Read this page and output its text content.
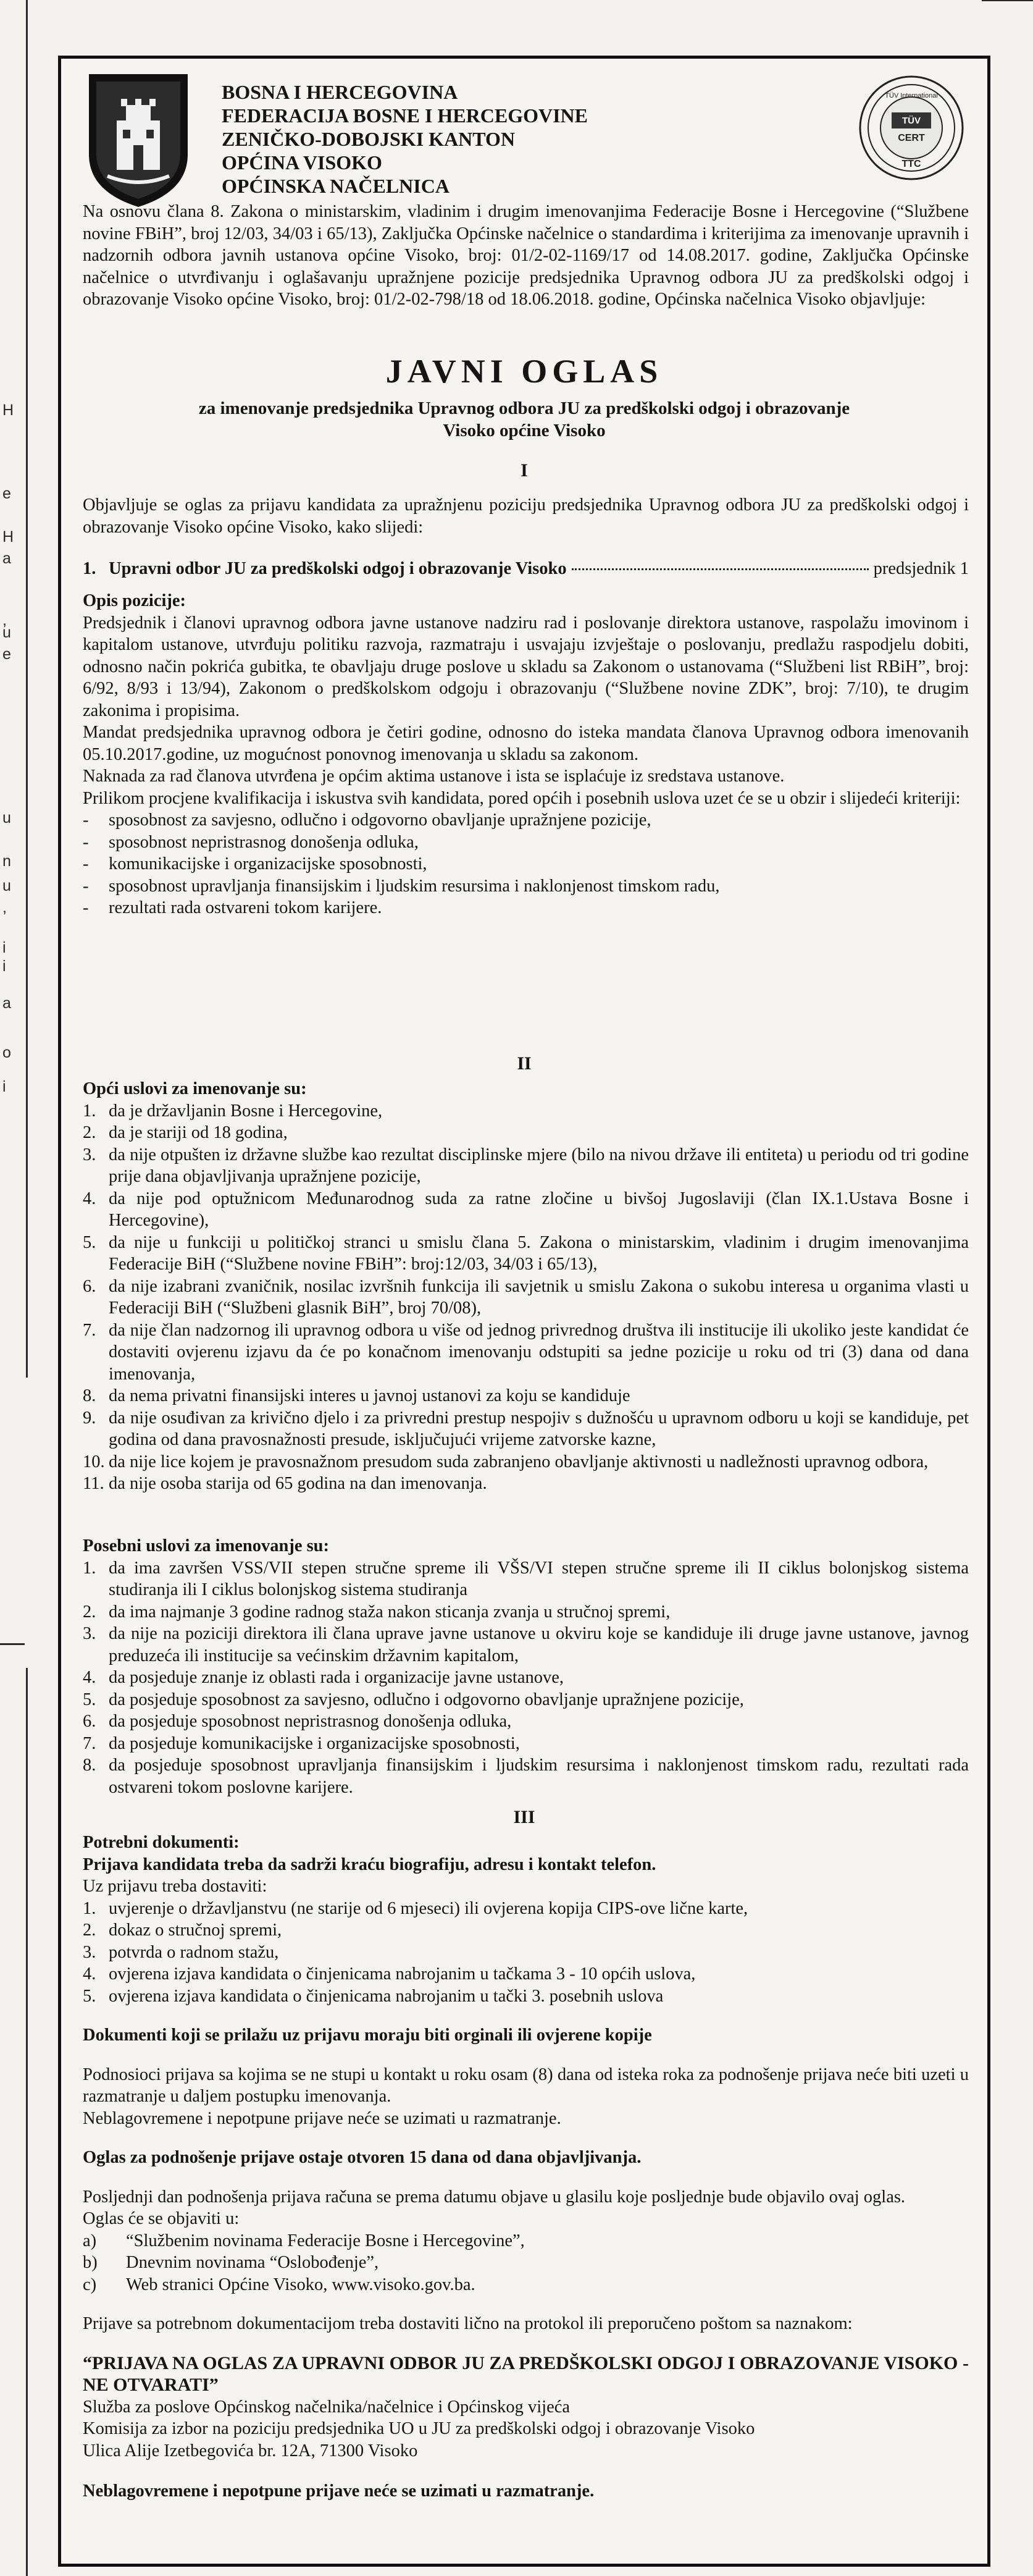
H
e
H
a
,
u
e
u
n
u
,
i
i
a
o
i
BOSNA I HERCEGOVINA
FEDERACIJA BOSNE I HERCEGOVINE
ZENIČKO-DOBOJSKI KANTON
OPĆINA VISOKO
OPĆINSKA NAČELNICA
TÜV International
TÜV
CERT
TTC
Na osnovu člana 8. Zakona o ministarskim, vladinim i drugim imenovanjima Federacije Bosne i Hercegovine (“Službene novine FBiH”, broj 12/03, 34/03 i 65/13), Zaključka Općinske načelnice o standardima i kriterijima za imenovanje upravnih i nadzornih odbora javnih ustanova općine Visoko, broj: 01/2-02-1169/17 od 14.08.2017. godine, Zaključka Općinske načelnice o utvrđivanju i oglašavanju upražnjene pozicije predsjednika Upravnog odbora JU za predškolski odgoj i obrazovanje Visoko općine Visoko, broj: 01/2-02-798/18 od 18.06.2018. godine, Općinska načelnica Visoko objavljuje:
JAVNI OGLAS
za imenovanje predsjednika Upravnog odbora JU za predškolski odgoj i obrazovanje Visoko općine Visoko
I
Objavljuje se oglas za prijavu kandidata za upražnjenu poziciju predsjednika Upravnog odbora JU za predškolski odgoj i obrazovanje Visoko općine Visoko, kako slijedi:
1. Upravni odbor JU za predškolski odgoj i obrazovanje Visoko	predsjednik 1
Opis pozicije:
Predsjednik i članovi upravnog odbora javne ustanove nadziru rad i poslovanje direktora ustanove, raspolažu imovinom i kapitalom ustanove, utvrđuju politiku razvoja, razmatraju i usvajaju izvještaje o poslovanju, predlažu raspodjelu dobiti, odnosno način pokrića gubitka, te obavljaju druge poslove u skladu sa Zakonom o ustanovama (“Službeni list RBiH”, broj: 6/92, 8/93 i 13/94), Zakonom o predškolskom odgoju i obrazovanju (“Službene novine ZDK”, broj: 7/10), te drugim zakonima i propisima.
Mandat predsjednika upravnog odbora je četiri godine, odnosno do isteka mandata članova Upravnog odbora imenovanih 05.10.2017.godine, uz mogućnost ponovnog imenovanja u skladu sa zakonom.
Naknada za rad članova utvrđena je općim aktima ustanove i ista se isplaćuje iz sredstava ustanove.
Prilikom procjene kvalifikacija i iskustva svih kandidata, pored općih i posebnih uslova uzet će se u obzir i slijedeći kriteriji:
-	sposobnost za savjesno, odlučno i odgovorno obavljanje upražnjene pozicije,
-	sposobnost nepristrasnog donošenja odluka,
-	komunikacijske i organizacijske sposobnosti,
-	sposobnost upravljanja finansijskim i ljudskim resursima i naklonjenost timskom radu,
-	rezultati rada ostvareni tokom karijere.
II
Opći uslovi za imenovanje su:
1. da je državljanin Bosne i Hercegovine,
2. da je stariji od 18 godina,
3. da nije otpušten iz državne službe kao rezultat disciplinske mjere (bilo na nivou države ili entiteta) u periodu od tri godine prije dana objavljivanja upražnjene pozicije,
4. da nije pod optužnicom Međunarodnog suda za ratne zločine u bivšoj Jugoslaviji (član IX.1.Ustava Bosne i Hercegovine),
5. da nije u funkciji u političkoj stranci u smislu člana 5. Zakona o ministarskim, vladinim i drugim imenovanjima Federacije BiH (“Službene novine FBiH”: broj:12/03, 34/03 i 65/13),
6. da nije izabrani zvaničnik, nosilac izvršnih funkcija ili savjetnik u smislu Zakona o sukobu interesa u organima vlasti u Federaciji BiH (“Službeni glasnik BiH”, broj 70/08),
7. da nije član nadzornog ili upravnog odbora u više od jednog privrednog društva ili institucije ili ukoliko jeste kandidat će dostaviti ovjerenu izjavu da će po konačnom imenovanju odstupiti sa jedne pozicije u roku od tri (3) dana od dana imenovanja,
8. da nema privatni finansijski interes u javnoj ustanovi za koju se kandiduje
9. da nije osuđivan za krivično djelo i za privredni prestup nespojiv s dužnošću u upravnom odboru u koji se kandiduje, pet godina od dana pravosnažnosti presude, isključujući vrijeme zatvorske kazne,
10. da nije lice kojem je pravosnažnom presudom suda zabranjeno obavljanje aktivnosti u nadležnosti upravnog odbora,
11. da nije osoba starija od 65 godina na dan imenovanja.
Posebni uslovi za imenovanje su:
1. da ima završen VSS/VII stepen stručne spreme ili VŠS/VI stepen stručne spreme ili II ciklus bolonjskog sistema studiranja ili I ciklus bolonjskog sistema studiranja
2. da ima najmanje 3 godine radnog staža nakon sticanja zvanja u stručnoj spremi,
3. da nije na poziciji direktora ili člana uprave javne ustanove u okviru koje se kandiduje ili druge javne ustanove, javnog preduzeća ili institucije sa većinskim državnim kapitalom,
4. da posjeduje znanje iz oblasti rada i organizacije javne ustanove,
5. da posjeduje sposobnost za savjesno, odlučno i odgovorno obavljanje upražnjene pozicije,
6. da posjeduje sposobnost nepristrasnog donošenja odluka,
7. da posjeduje komunikacijske i organizacijske sposobnosti,
8. da posjeduje sposobnost upravljanja finansijskim i ljudskim resursima i naklonjenost timskom radu, rezultati rada ostvareni tokom poslovne karijere.
III
Potrebni dokumenti:
Prijava kandidata treba da sadrži kraću biografiju, adresu i kontakt telefon.
Uz prijavu treba dostaviti:
1. uvjerenje o državljanstvu (ne starije od 6 mjeseci) ili ovjerena kopija CIPS-ove lične karte,
2. dokaz o stručnoj spremi,
3. potvrda o radnom stažu,
4. ovjerena izjava kandidata o činjenicama nabrojanim u tačkama 3 - 10 općih uslova,
5. ovjerena izjava kandidata o činjenicama nabrojanim u tački 3. posebnih uslova
Dokumenti koji se prilažu uz prijavu moraju biti orginali ili ovjerene kopije
Podnosioci prijava sa kojima se ne stupi u kontakt u roku osam (8) dana od isteka roka za podnošenje prijava neće biti uzeti u razmatranje u daljem postupku imenovanja.
Neblagovremene i nepotpune prijave neće se uzimati u razmatranje.
Oglas za podnošenje prijave ostaje otvoren 15 dana od dana objavljivanja.
Posljednji dan podnošenja prijava računa se prema datumu objave u glasilu koje posljednje bude objavilo ovaj oglas.
Oglas će se objaviti u:
a)	“Službenim novinama Federacije Bosne i Hercegovine”,
b)	Dnevnim novinama “Oslobođenje”,
c)	Web stranici Općine Visoko, www.visoko.gov.ba.
Prijave sa potrebnom dokumentacijom treba dostaviti lično na protokol ili preporučeno poštom sa naznakom:
“PRIJAVA NA OGLAS ZA UPRAVNI ODBOR JU ZA PREDŠKOLSKI ODGOJ I OBRAZOVANJE VISOKO - NE OTVARATI”
Služba za poslove Općinskog načelnika/načelnice i Općinskog vijeća
Komisija za izbor na poziciju predsjednika UO u JU za predškolski odgoj i obrazovanje Visoko
Ulica Alije Izetbegovića br. 12A, 71300 Visoko
Neblagovremene i nepotpune prijave neće se uzimati u razmatranje.
